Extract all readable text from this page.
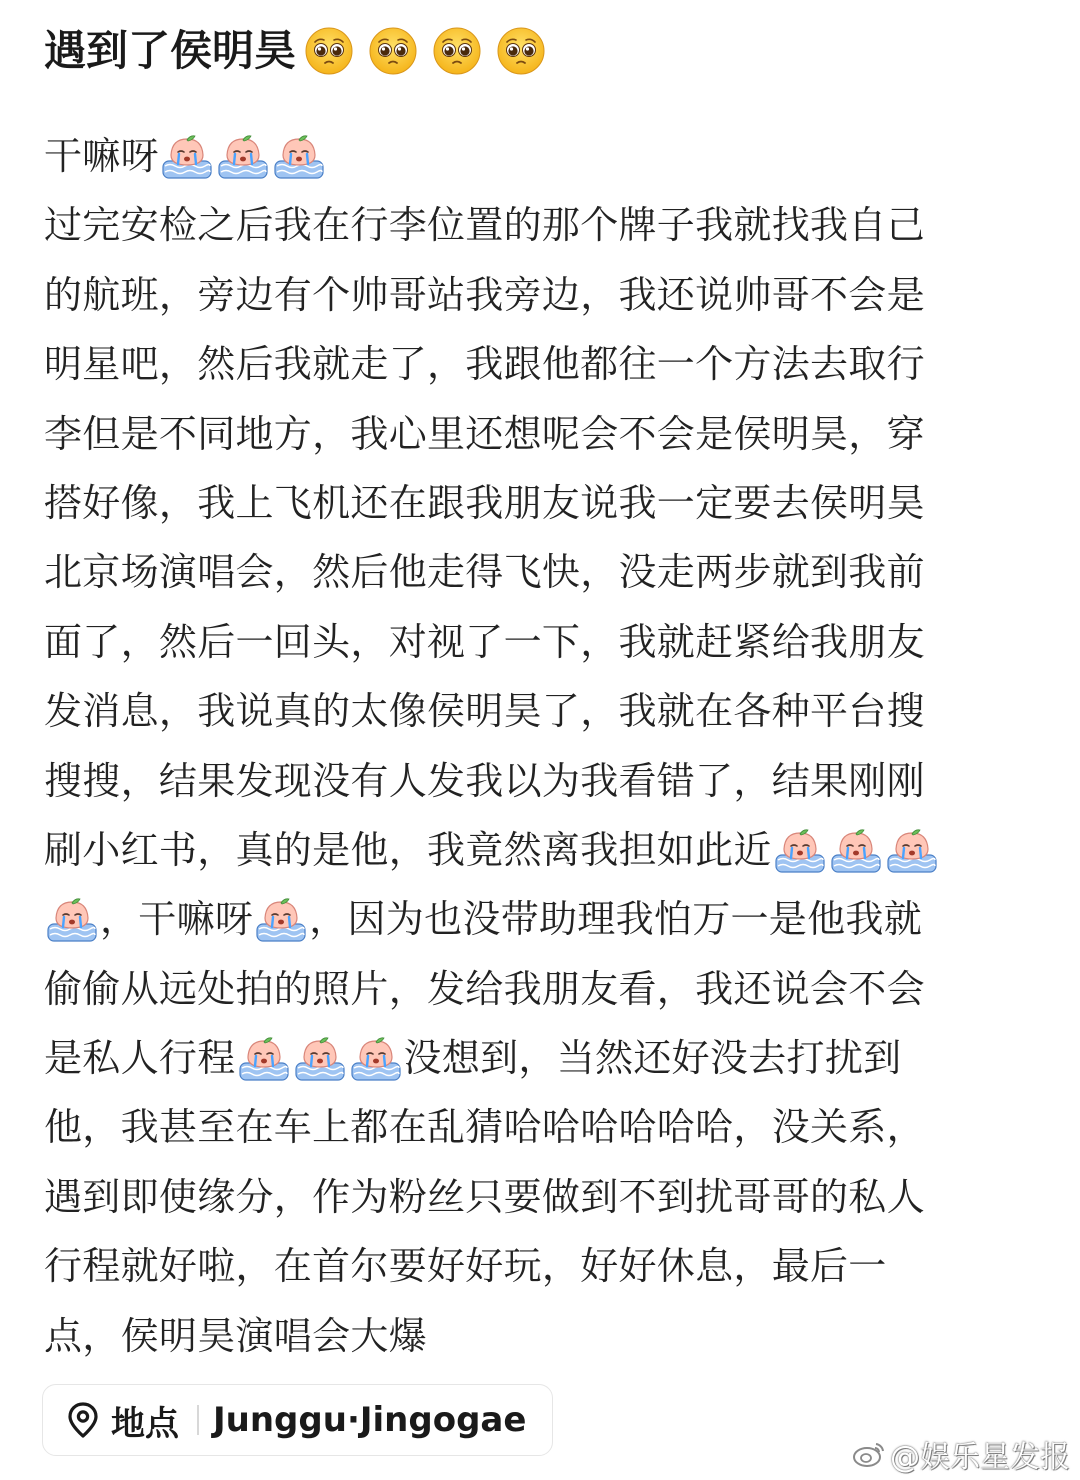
遇到了侯明昊
干嘛呀
过完安检之后我在行李位置的那个牌子我就找我自己
的航班，旁边有个帅哥站我旁边，我还说帅哥不会是
明星吧，然后我就走了，我跟他都往一个方法去取行
李但是不同地方，我心里还想呢会不会是侯明昊，穿
搭好像，我上飞机还在跟我朋友说我一定要去侯明昊
北京场演唱会，然后他走得飞快，没走两步就到我前
面了，然后一回头，对视了一下，我就赶紧给我朋友
发消息，我说真的太像侯明昊了，我就在各种平台搜
搜搜，结果发现没有人发我以为我看错了，结果刚刚
刷小红书，真的是他，我竟然离我担如此近
，干嘛呀 ，因为也没带助理我怕万一是他我就
偷偷从远处拍的照片，发给我朋友看，我还说会不会
是私人行程	没想到，当然还好没去打扰到
他，我甚至在车上都在乱猜哈哈哈哈哈哈，没关系，
遇到即使缘分，作为粉丝只要做到不到扰哥哥的私人
行程就好啦，在首尔要好好玩，好好休息，最后一
点，侯明昊演唱会大爆
地点 Junggu·Jingogae
@娱乐星发报
